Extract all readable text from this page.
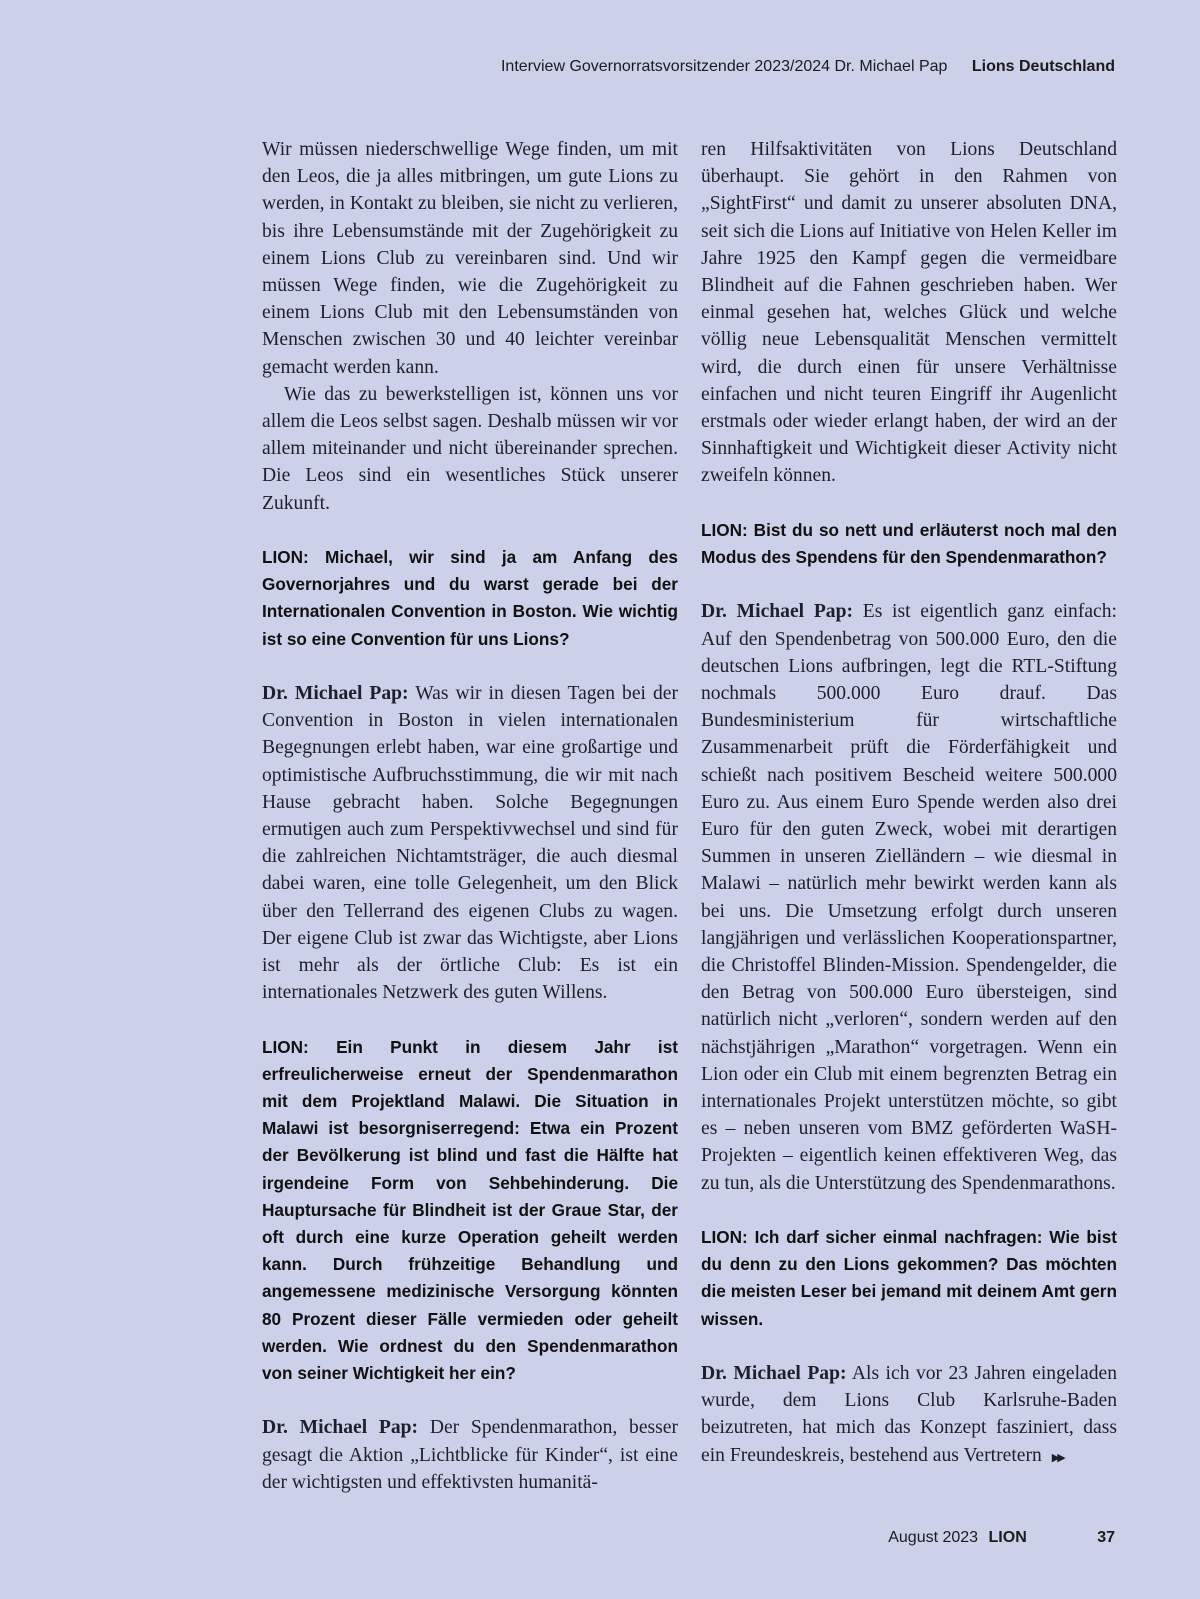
Interview Governorratsvorsitzender 2023/2024 Dr. Michael Pap Lions Deutschland

Wir müssen niederschwellige Wege finden, um mit den Leos, die ja alles mitbringen, um gute Lions zu werden, in Kontakt zu bleiben, sie nicht zu verlieren, bis ihre Lebensumstände mit der Zugehörigkeit zu einem Lions Club zu vereinbaren sind. Und wir müssen Wege finden, wie die Zugehörigkeit zu einem Lions Club mit den Lebensumständen von Menschen zwischen 30 und 40 leichter vereinbar gemacht werden kann.

Wie das zu bewerkstelligen ist, können uns vor allem die Leos selbst sagen. Deshalb müssen wir vor allem miteinander und nicht übereinander sprechen. Die Leos sind ein wesentliches Stück unserer Zukunft.

LION: Michael, wir sind ja am Anfang des Governorjahres und du warst gerade bei der Internationalen Convention in Boston. Wie wichtig ist so eine Convention für uns Lions?

Dr. Michael Pap: Was wir in diesen Tagen bei der Convention in Boston in vielen internationalen Begegnungen erlebt haben, war eine großartige und optimistische Aufbruchsstimmung, die wir mit nach Hause gebracht haben. Solche Begegnungen ermutigen auch zum Perspektivwechsel und sind für die zahlreichen Nichtamtsträger, die auch diesmal dabei waren, eine tolle Gelegenheit, um den Blick über den Tellerrand des eigenen Clubs zu wagen. Der eigene Club ist zwar das Wichtigste, aber Lions ist mehr als der örtliche Club: Es ist ein internationales Netzwerk des guten Willens.

LION: Ein Punkt in diesem Jahr ist erfreulicherweise erneut der Spendenmarathon mit dem Projektland Malawi. Die Situation in Malawi ist besorgniserregend: Etwa ein Prozent der Bevölkerung ist blind und fast die Hälfte hat irgendeine Form von Sehbehinderung. Die Hauptursache für Blindheit ist der Graue Star, der oft durch eine kurze Operation geheilt werden kann. Durch frühzeitige Behandlung und angemessene medizinische Versorgung könnten 80 Prozent dieser Fälle vermieden oder geheilt werden. Wie ordnest du den Spendenmarathon von seiner Wichtigkeit her ein?

Dr. Michael Pap: Der Spendenmarathon, besser gesagt die Aktion „Lichtblicke für Kinder“, ist eine der wichtigsten und effektivsten humanitä-

ren Hilfsaktivitäten von Lions Deutschland überhaupt. Sie gehört in den Rahmen von „SightFirst“ und damit zu unserer absoluten DNA, seit sich die Lions auf Initiative von Helen Keller im Jahre 1925 den Kampf gegen die vermeidbare Blindheit auf die Fahnen geschrieben haben. Wer einmal gesehen hat, welches Glück und welche völlig neue Lebensqualität Menschen vermittelt wird, die durch einen für unsere Verhältnisse einfachen und nicht teuren Eingriff ihr Augenlicht erstmals oder wieder erlangt haben, der wird an der Sinnhaftigkeit und Wichtigkeit dieser Activity nicht zweifeln können.

LION: Bist du so nett und erläuterst noch mal den Modus des Spendens für den Spendenmarathon?

Dr. Michael Pap: Es ist eigentlich ganz einfach: Auf den Spendenbetrag von 500.000 Euro, den die deutschen Lions aufbringen, legt die RTL-Stiftung nochmals 500.000 Euro drauf. Das Bundesministerium für wirtschaftliche Zusammenarbeit prüft die Förderfähigkeit und schießt nach positivem Bescheid weitere 500.000 Euro zu. Aus einem Euro Spende werden also drei Euro für den guten Zweck, wobei mit derartigen Summen in unseren Zielländern – wie diesmal in Malawi – natürlich mehr bewirkt werden kann als bei uns. Die Umsetzung erfolgt durch unseren langjährigen und verlässlichen Kooperationspartner, die Christoffel Blinden-Mission. Spendengelder, die den Betrag von 500.000 Euro übersteigen, sind natürlich nicht „verloren“, sondern werden auf den nächstjährigen „Marathon“ vorgetragen. Wenn ein Lion oder ein Club mit einem begrenzten Betrag ein internationales Projekt unterstützen möchte, so gibt es – neben unseren vom BMZ geförderten WaSH-Projekten – eigentlich keinen effektiveren Weg, das zu tun, als die Unterstützung des Spendenmarathons.

LION: Ich darf sicher einmal nachfragen: Wie bist du denn zu den Lions gekommen? Das möchten die meisten Leser bei jemand mit deinem Amt gern wissen.

Dr. Michael Pap: Als ich vor 23 Jahren eingeladen wurde, dem Lions Club Karlsruhe-Baden beizutreten, hat mich das Konzept fasziniert, dass ein Freundeskreis, bestehend aus Vertretern ▶▶

August 2023 LION	37
